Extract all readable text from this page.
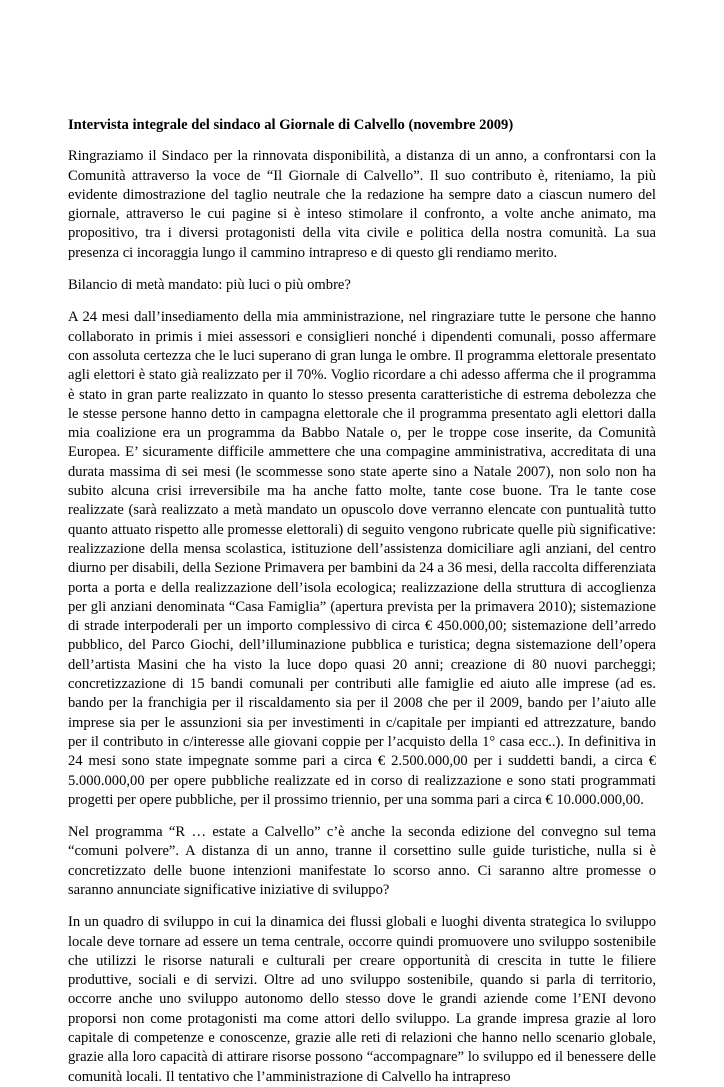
Intervista integrale del sindaco al Giornale di Calvello (novembre 2009)

Ringraziamo il Sindaco per la rinnovata disponibilità, a distanza di un anno, a confrontarsi con la Comunità attraverso la voce de “Il Giornale di Calvello”. Il suo contributo è, riteniamo, la più evidente dimostrazione del taglio neutrale che la redazione ha sempre dato a ciascun numero del giornale, attraverso le cui pagine si è inteso stimolare il confronto, a volte anche animato, ma propositivo, tra i diversi protagonisti della vita civile e politica della nostra comunità. La sua presenza ci incoraggia lungo il cammino intrapreso e di questo gli rendiamo merito.

Bilancio di metà mandato: più luci o più ombre?

A 24 mesi dall’insediamento della mia amministrazione, nel ringraziare tutte le persone che hanno collaborato in primis i miei assessori e consiglieri nonché i dipendenti comunali, posso affermare con assoluta certezza che le luci superano di gran lunga le ombre. Il programma elettorale presentato agli elettori è stato già realizzato per il 70%. Voglio ricordare a chi adesso afferma che il programma è stato in gran parte realizzato in quanto lo stesso presenta caratteristiche di estrema debolezza che le stesse persone hanno detto in campagna elettorale che il programma presentato agli elettori dalla mia coalizione era un programma da Babbo Natale o, per le troppe cose inserite, da Comunità Europea. E’ sicuramente difficile ammettere che una compagine amministrativa, accreditata di una durata massima di sei mesi (le scommesse sono state aperte sino a Natale 2007), non solo non ha subito alcuna crisi irreversibile ma ha anche fatto molte, tante cose buone. Tra le tante cose realizzate (sarà realizzato a metà mandato un opuscolo dove verranno elencate con puntualità tutto quanto attuato rispetto alle promesse elettorali) di seguito vengono rubricate quelle più significative: realizzazione della mensa scolastica, istituzione dell’assistenza domiciliare agli anziani, del centro diurno per disabili, della Sezione Primavera per bambini da 24 a 36 mesi, della raccolta differenziata porta a porta e della realizzazione dell’isola ecologica; realizzazione della struttura di accoglienza per gli anziani denominata “Casa Famiglia” (apertura prevista per la primavera 2010); sistemazione di strade interpoderali per un importo complessivo di circa € 450.000,00; sistemazione dell’arredo pubblico, del Parco Giochi, dell’illuminazione pubblica e turistica; degna sistemazione dell’opera dell’artista Masini che ha visto la luce dopo quasi 20 anni; creazione di 80 nuovi parcheggi; concretizzazione di 15 bandi comunali per contributi alle famiglie ed aiuto alle imprese (ad es. bando per la franchigia per il riscaldamento sia per il 2008 che per il 2009, bando per l’aiuto alle imprese sia per le assunzioni sia per investimenti in c/capitale per impianti ed attrezzature, bando per il contributo in c/interesse alle giovani coppie per l’acquisto della 1° casa ecc..). In definitiva in 24 mesi sono state impegnate somme pari a circa € 2.500.000,00 per i suddetti bandi, a circa € 5.000.000,00 per opere pubbliche realizzate ed in corso di realizzazione e sono stati programmati progetti per opere pubbliche, per il prossimo triennio, per una somma pari a circa € 10.000.000,00.

Nel programma “R … estate a Calvello” c’è anche la seconda edizione del convegno sul tema “comuni polvere”. A distanza di un anno, tranne il corsettino sulle guide turistiche, nulla si è concretizzato delle buone intenzioni manifestate lo scorso anno. Ci saranno altre promesse o saranno annunciate significative iniziative di sviluppo?

In un quadro di sviluppo in cui la dinamica dei flussi globali e luoghi diventa strategica lo sviluppo locale deve tornare ad essere un tema centrale, occorre quindi promuovere uno sviluppo sostenibile che utilizzi le risorse naturali e culturali per creare opportunità di crescita in tutte le filiere produttive, sociali e di servizi. Oltre ad uno sviluppo sostenibile, quando si parla di territorio, occorre anche uno sviluppo autonomo dello stesso dove le grandi aziende come l’ENI devono proporsi non come protagonisti ma come attori dello sviluppo. La grande impresa grazie al loro capitale di competenze e conoscenze, grazie alle reti di relazioni che hanno nello scenario globale, grazie alla loro capacità di attirare risorse possono “accompagnare” lo sviluppo ed il benessere delle comunità locali. Il tentativo che l’amministrazione di Calvello ha intrapreso
